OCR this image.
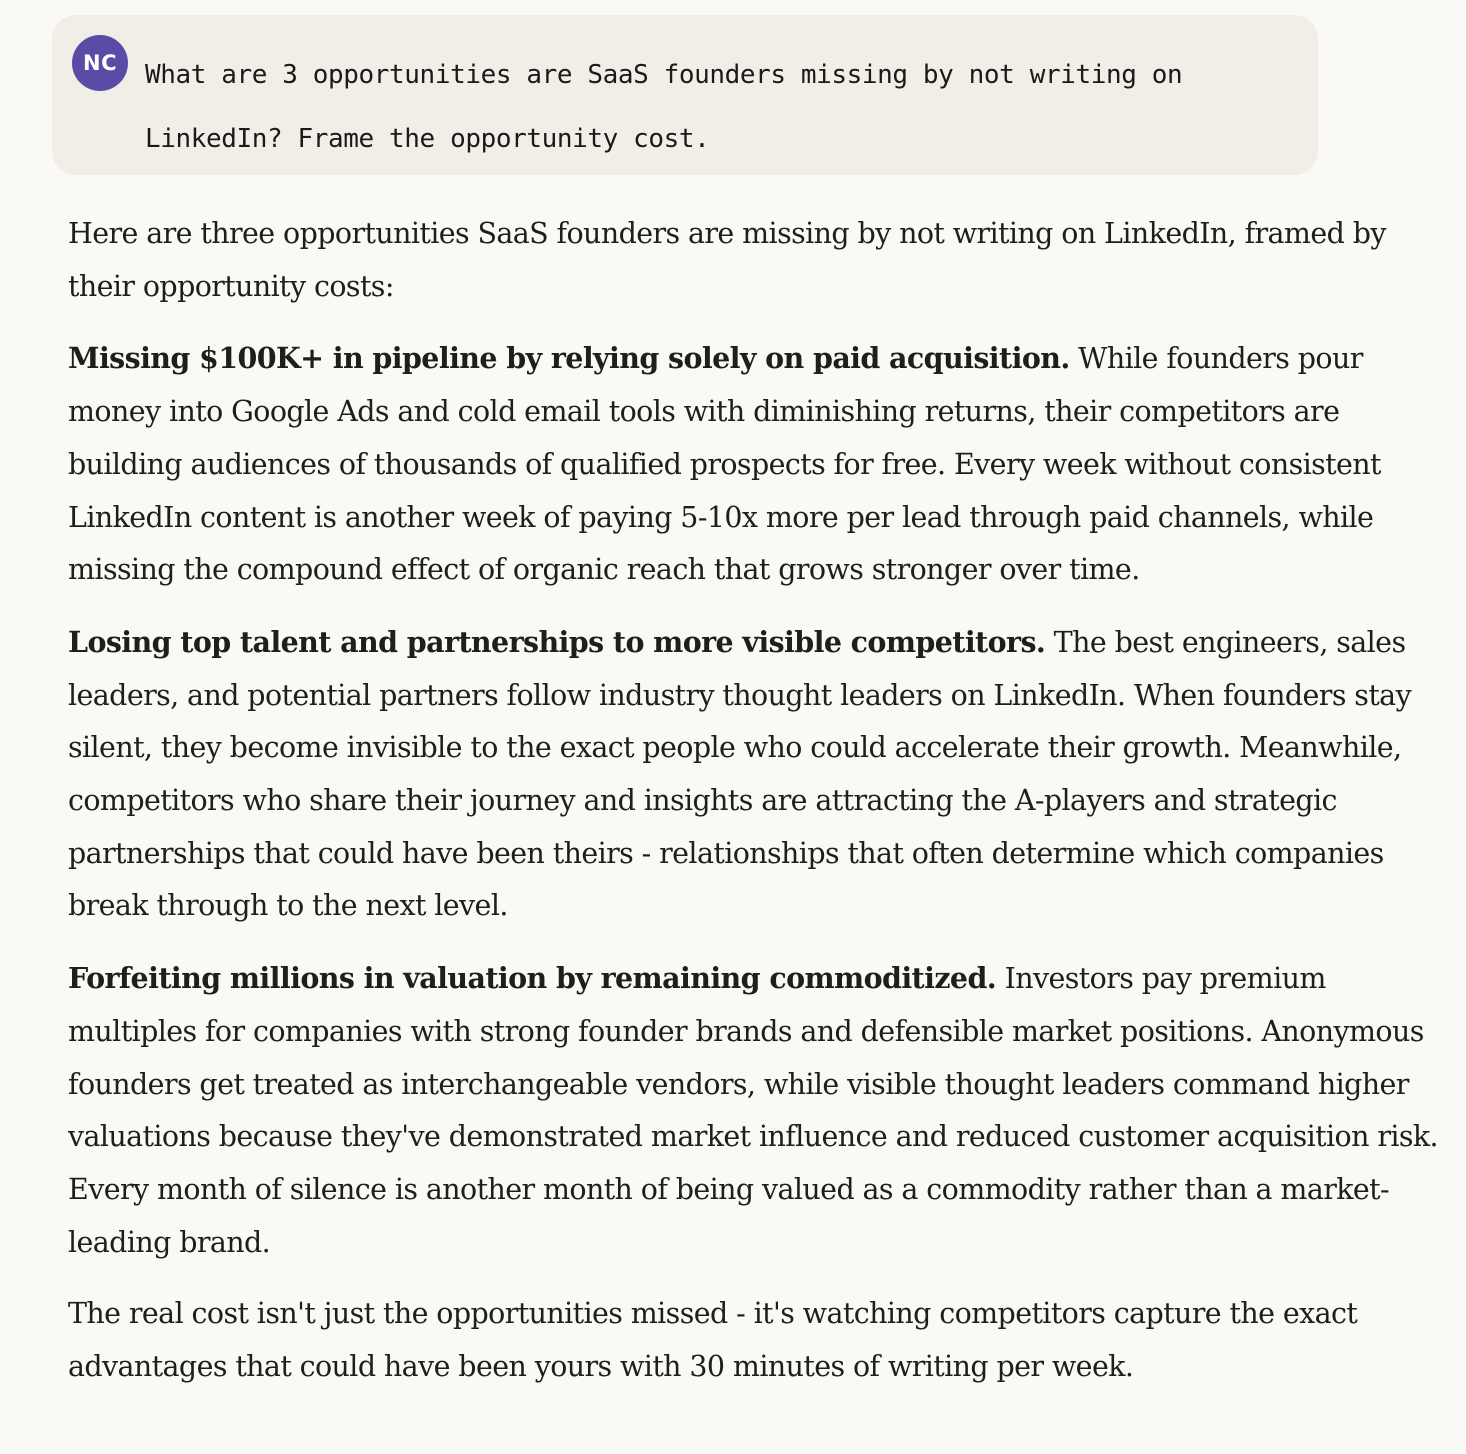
NC	What are 3 opportunities are SaaS founders missing by not writing on LinkedIn? Frame the opportunity cost.

Here are three opportunities SaaS founders are missing by not writing on LinkedIn, framed by their opportunity costs:

Missing $100K+ in pipeline by relying solely on paid acquisition. While founders pour money into Google Ads and cold email tools with diminishing returns, their competitors are building audiences of thousands of qualified prospects for free. Every week without consistent LinkedIn content is another week of paying 5-10x more per lead through paid channels, while missing the compound effect of organic reach that grows stronger over time.

Losing top talent and partnerships to more visible competitors. The best engineers, sales leaders, and potential partners follow industry thought leaders on LinkedIn. When founders stay silent, they become invisible to the exact people who could accelerate their growth. Meanwhile, competitors who share their journey and insights are attracting the A-players and strategic partnerships that could have been theirs - relationships that often determine which companies break through to the next level.

Forfeiting millions in valuation by remaining commoditized. Investors pay premium multiples for companies with strong founder brands and defensible market positions. Anonymous founders get treated as interchangeable vendors, while visible thought leaders command higher valuations because they've demonstrated market influence and reduced customer acquisition risk. Every month of silence is another month of being valued as a commodity rather than a market-leading brand.

The real cost isn't just the opportunities missed - it's watching competitors capture the exact advantages that could have been yours with 30 minutes of writing per week.
